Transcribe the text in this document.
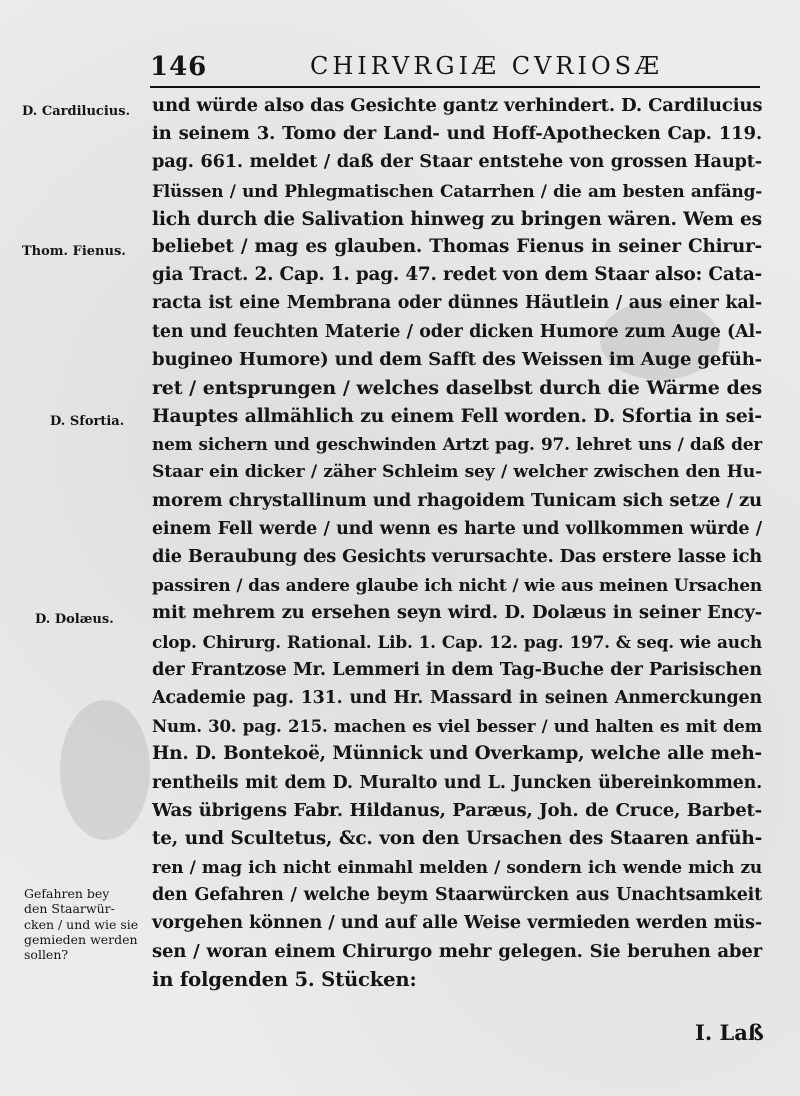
146	CHIRVRGIÆ CVRIOSÆ
D. Cardilucius.
Thom. Fienus.
D. Sfortia.
D. Dolæus.
Gefahren bey
den Staarwür-
cken / und wie sie
gemieden werden
sollen?
und würde also das Gesichte gantz verhindert. D. Cardilucius
in seinem 3. Tomo der Land- und Hoff-Apothecken Cap. 119.
pag. 661. meldet / daß der Staar entstehe von grossen Haupt-
Flüssen / und Phlegmatischen Catarrhen / die am besten anfäng-
lich durch die Salivation hinweg zu bringen wären. Wem es
beliebet / mag es glauben. Thomas Fienus in seiner Chirur-
gia Tract. 2. Cap. 1. pag. 47. redet von dem Staar also: Cata-
racta ist eine Membrana oder dünnes Häutlein / aus einer kal-
ten und feuchten Materie / oder dicken Humore zum Auge (Al-
bugineo Humore) und dem Safft des Weissen im Auge gefüh-
ret / entsprungen / welches daselbst durch die Wärme des
Hauptes allmählich zu einem Fell worden. D. Sfortia in sei-
nem sichern und geschwinden Artzt pag. 97. lehret uns / daß der
Staar ein dicker / zäher Schleim sey / welcher zwischen den Hu-
morem chrystallinum und rhagoidem Tunicam sich setze / zu
einem Fell werde / und wenn es harte und vollkommen würde /
die Beraubung des Gesichts verursachte. Das erstere lasse ich
passiren / das andere glaube ich nicht / wie aus meinen Ursachen
mit mehrem zu ersehen seyn wird. D. Dolæus in seiner Ency-
clop. Chirurg. Rational. Lib. 1. Cap. 12. pag. 197. & seq. wie auch
der Frantzose Mr. Lemmeri in dem Tag-Buche der Parisischen
Academie pag. 131. und Hr. Massard in seinen Anmerckungen
Num. 30. pag. 215. machen es viel besser / und halten es mit dem
Hn. D. Bontekoë, Münnick und Overkamp, welche alle meh-
rentheils mit dem D. Muralto und L. Juncken übereinkommen.
Was übrigens Fabr. Hildanus, Paræus, Joh. de Cruce, Barbet-
te, und Scultetus, &c. von den Ursachen des Staaren anfüh-
ren / mag ich nicht einmahl melden / sondern ich wende mich zu
den Gefahren / welche beym Staarwürcken aus Unachtsamkeit
vorgehen können / und auf alle Weise vermieden werden müs-
sen / woran einem Chirurgo mehr gelegen. Sie beruhen aber
in folgenden 5. Stücken:
I. Laß
